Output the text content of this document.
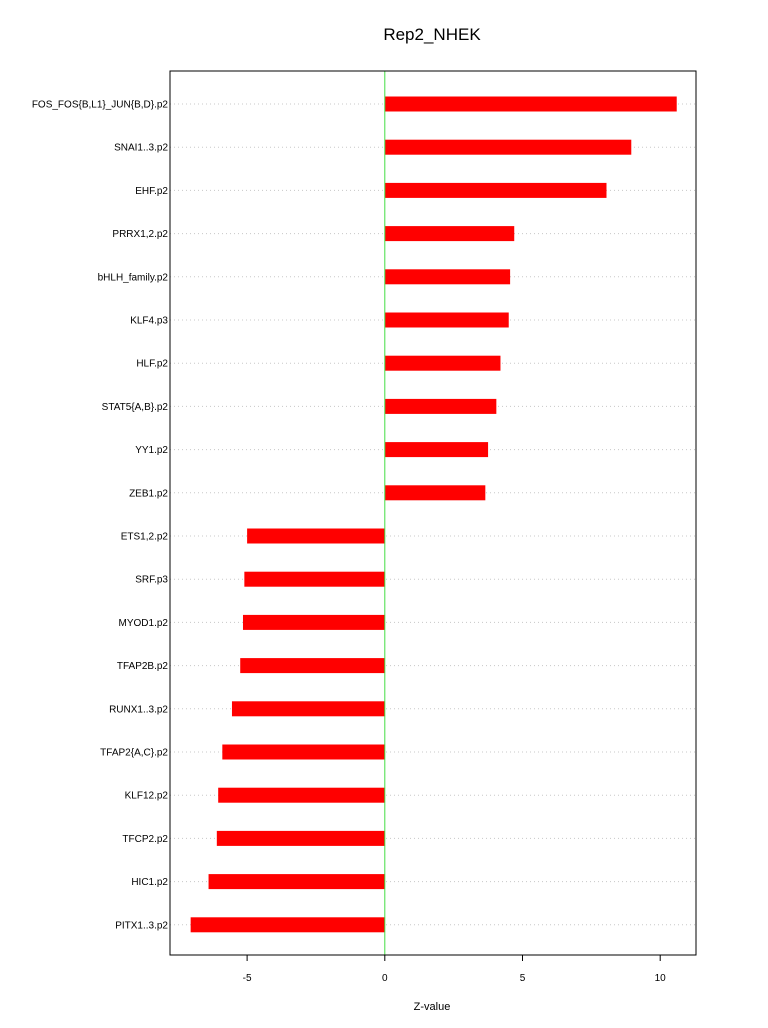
Rep2_NHEK
FOS_FOS{B,L1}_JUN{B,D}.p2
SNAI1..3.p2
EHF.p2
PRRX1,2.p2
bHLH_family.p2
KLF4.p3
HLF.p2
STAT5{A,B}.p2
YY1.p2
ZEB1.p2
ETS1,2.p2
SRF.p3
MYOD1.p2
TFAP2B.p2
RUNX1..3.p2
TFAP2{A,C}.p2
KLF12.p2
TFCP2.p2
HIC1.p2
PITX1..3.p2
-5	0	5	10
Z-value
